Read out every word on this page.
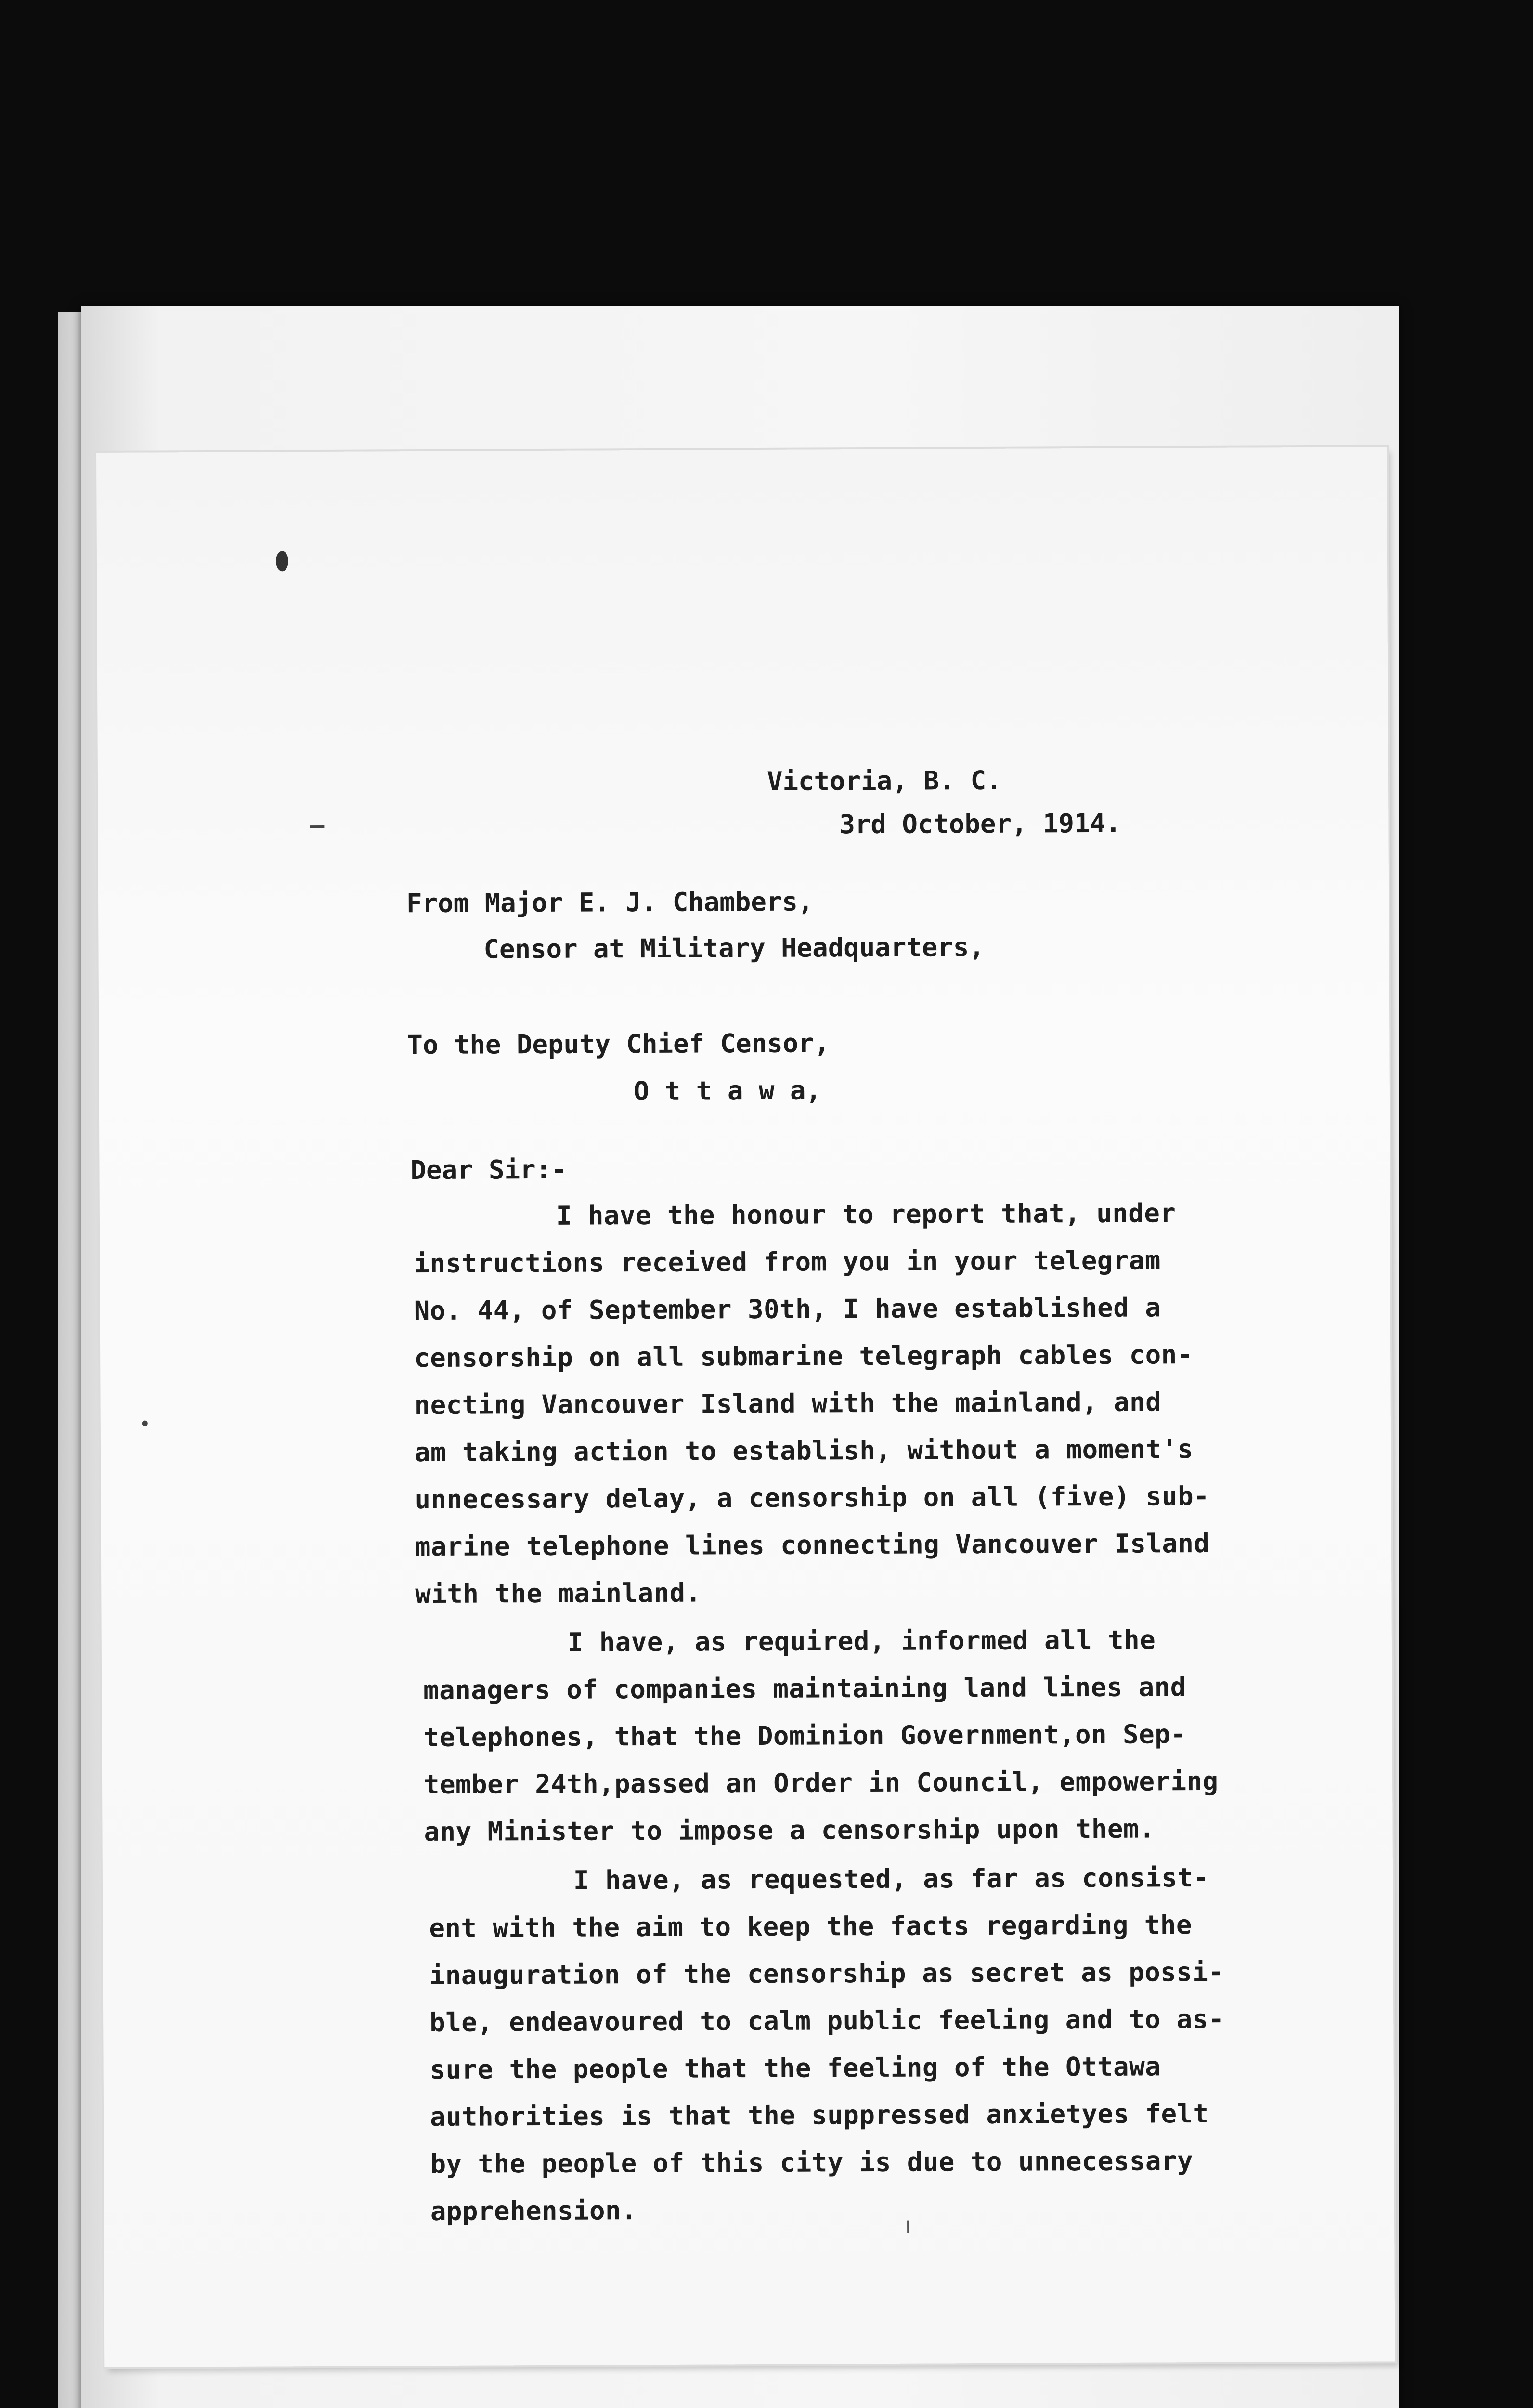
Victoria, B. C.
3rd October, 1914.
From Major E. J. Chambers,
Censor at Military Headquarters,
To the Deputy Chief Censor,
O t t a w a,
Dear Sir:-
I have the honour to report that, under
instructions received from you in your telegram
No. 44, of September 30th, I have established a
censorship on all submarine telegraph cables con-
necting Vancouver Island with the mainland, and
am taking action to establish, without a moment's
unnecessary delay, a censorship on all (five) sub-
marine telephone lines connecting Vancouver Island
with the mainland.
I have, as required, informed all the
managers of companies maintaining land lines and
telephones, that the Dominion Government,on Sep-
tember 24th,passed an Order in Council, empowering
any Minister to impose a censorship upon them.
I have, as requested, as far as consist-
ent with the aim to keep the facts regarding the
inauguration of the censorship as secret as possi-
ble, endeavoured to calm public feeling and to as-
sure the people that the feeling of the Ottawa
authorities is that the suppressed anxietyes felt
by the people of this city is due to unnecessary
apprehension.
